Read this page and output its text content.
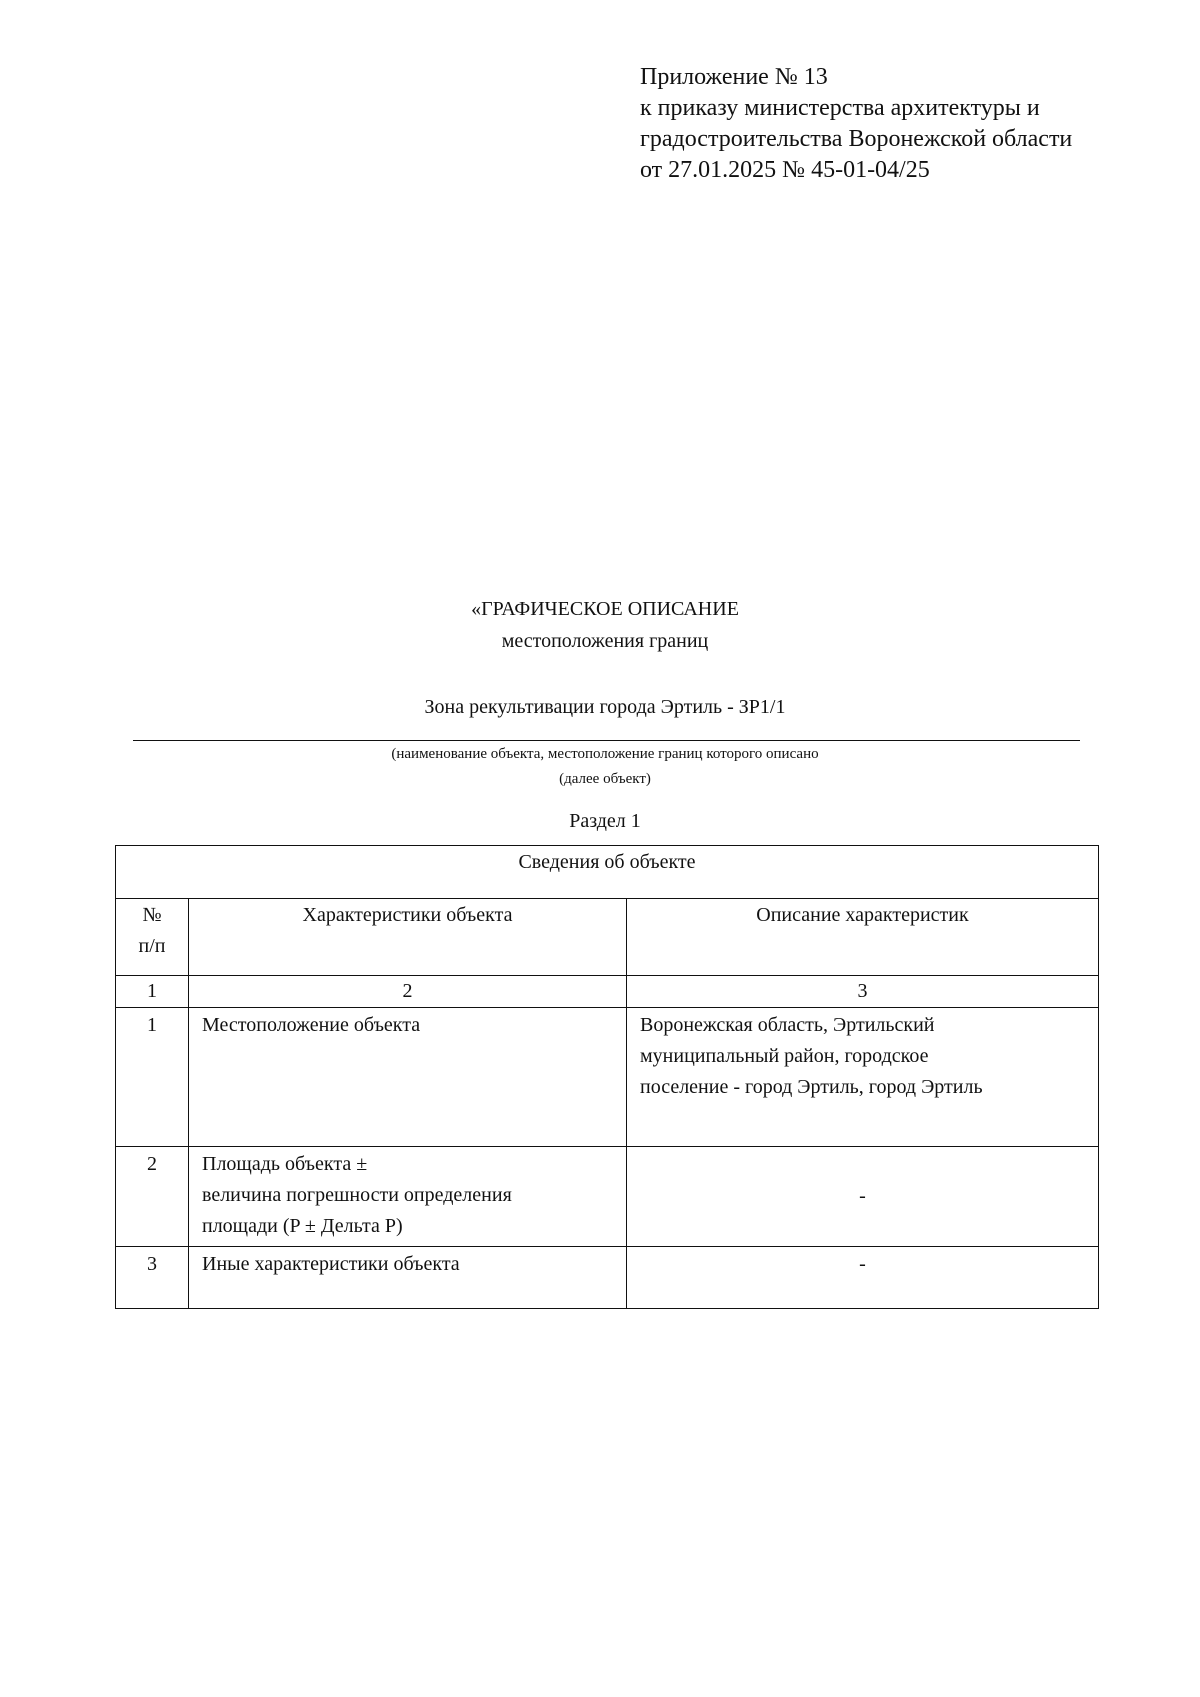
Приложение № 13
к приказу министерства архитектуры и
градостроительства Воронежской области
от 27.01.2025 № 45-01-04/25
«ГРАФИЧЕСКОЕ ОПИСАНИЕ
местоположения границ
Зона рекультивации города Эртиль - ЗР1/1
(наименование объекта, местоположение границ которого описано
(далее объект)
Раздел 1
Сведения об объекте		

№
п/п	Характеристики объекта	Описание характеристик
1	2	3
1	Местоположение объекта	Воронежская область, Эртильский
муниципальный район, городское
поселение - город Эртиль, город Эртиль

2	Площадь объекта ±
величина погрешности определения
площади (P ± Дельта P)	-
3	Иные характеристики объекта	-
